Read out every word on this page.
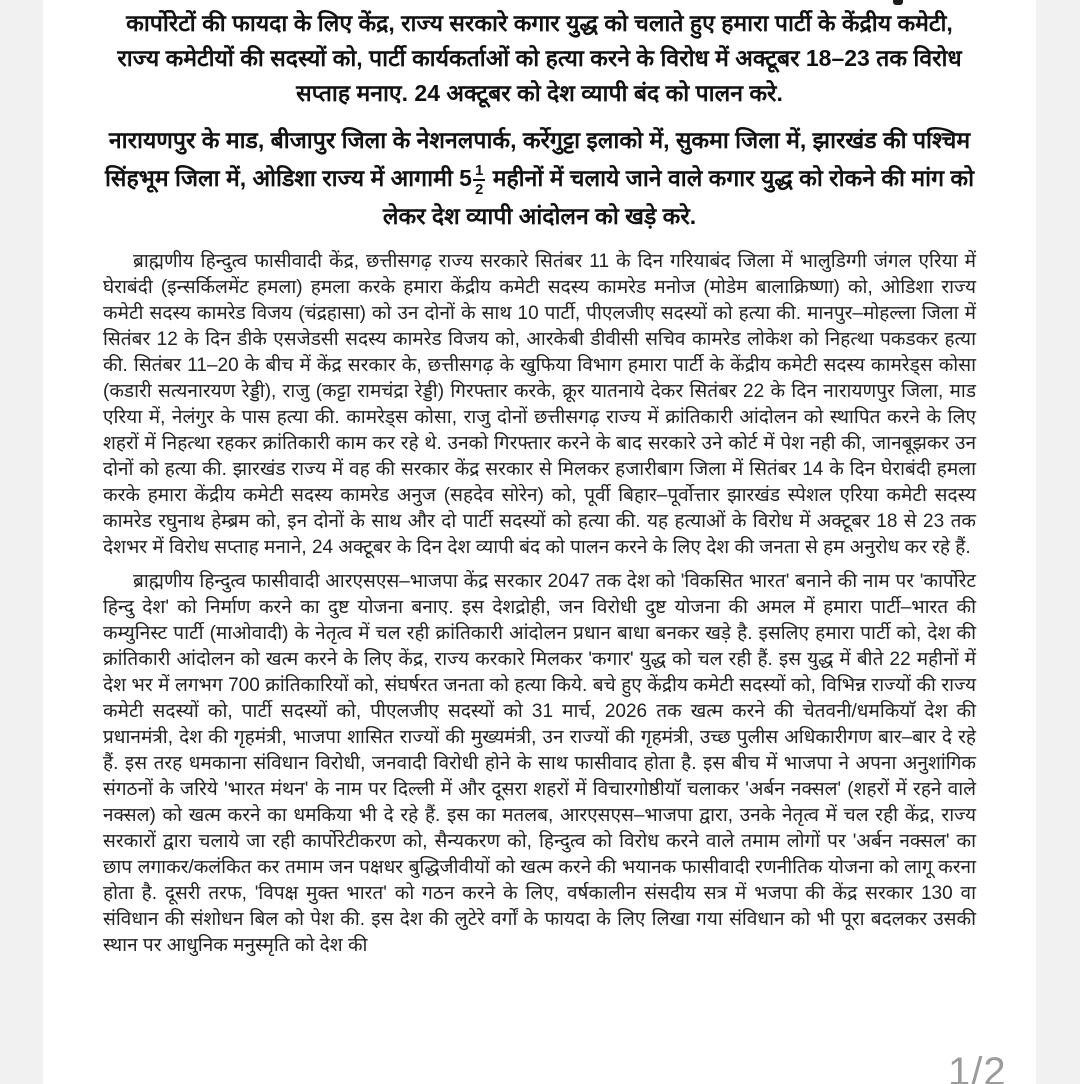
कार्पोरेटों की फायदा के लिए केंद्र, राज्य सरकारे कगार युद्ध को चलाते हुए हमारा पार्टी के केंद्रीय कमेटी, राज्य कमेटीयों की सदस्यों को, पार्टी कार्यकर्ताओं को हत्या करने के विरोध में अक्टूबर 18–23 तक विरोध सप्ताह मनाए. 24 अक्टूबर को देश व्यापी बंद को पालन करे.
नारायणपुर के माड, बीजापुर जिला के नेशनलपार्क, कर्रेगुट्टा इलाको में, सुकमा जिला में, झारखंड की पश्चिम सिंहभूम जिला में, ओडिशा राज्य में आगामी $5 \frac{1}{2}$ महीनों में चलाये जाने वाले कगार युद्ध को रोकने की मांग को लेकर देश व्यापी आंदोलन को खड़े करे.

ब्राह्मणीय हिन्दुत्व फासीवादी केंद्र, छत्तीसगढ़ राज्य सरकारे सितंबर 11 के दिन गरियाबंद जिला में भालुडिग्गी जंगल एरिया में घेराबंदी (इन्सर्किलमेंट हमला) हमला करके हमारा केंद्रीय कमेटी सदस्य कामरेड मनोज (मोडेम बालाक्रिष्णा) को, ओडिशा राज्य कमेटी सदस्य कामरेड विजय (चंद्रहासा) को उन दोनों के साथ 10 पार्टी, पीएलजीए सदस्यों को हत्या की. मानपुर–मोहल्ला जिला में सितंबर 12 के दिन डीके एसजेडसी सदस्य कामरेड विजय को, आरकेबी डीवीसी सचिव कामरेड लोकेश को निहत्था पकडकर हत्या की. सितंबर 11–20 के बीच में केंद्र सरकार के, छत्तीसगढ़ के खुफिया विभाग हमारा पार्टी के केंद्रीय कमेटी सदस्य कामरेड्स कोसा (कडारी सत्यनारयण रेड्डी), राजु (कट्टा रामचंद्रा रेड्डी) गिरफ्तार करके, क्रूर यातनाये देकर सितंबर 22 के दिन नारायणपुर जिला, माड एरिया में, नेलंगुर के पास हत्या की. कामरेड्स कोसा, राजु दोनों छत्तीसगढ़ राज्य में क्रांतिकारी आंदोलन को स्थापित करने के लिए शहरों में निहत्था रहकर क्रांतिकारी काम कर रहे थे. उनको गिरफ्तार करने के बाद सरकारे उने कोर्ट में पेश नही की, जानबूझकर उन दोनों को हत्या की. झारखंड राज्य में वह की सरकार केंद्र सरकार से मिलकर हजारीबाग जिला में सितंबर 14 के दिन घेराबंदी हमला करके हमारा केंद्रीय कमेटी सदस्य कामरेड अनुज (सहदेव सोरेन) को, पूर्वी बिहार–पूर्वोत्तार झारखंड स्पेशल एरिया कमेटी सदस्य कामरेड रघुनाथ हेम्ब्रम को, इन दोनों के साथ और दो पार्टी सदस्यों को हत्या की. यह हत्याओं के विरोध में अक्टूबर 18 से 23 तक देशभर में विरोध सप्ताह मनाने, 24 अक्टूबर के दिन देश व्यापी बंद को पालन करने के लिए देश की जनता से हम अनुरोध कर रहे हैं.

ब्राह्मणीय हिन्दुत्व फासीवादी आरएसएस–भाजपा केंद्र सरकार 2047 तक देश को 'विकसित भारत' बनाने की नाम पर 'कार्पोरेट हिन्दु देश' को निर्माण करने का दुष्ट योजना बनाए. इस देशद्रोही, जन विरोधी दुष्ट योजना की अमल में हमारा पार्टी–भारत की कम्युनिस्ट पार्टी (माओवादी) के नेतृत्व में चल रही क्रांतिकारी आंदोलन प्रधान बाधा बनकर खड़े है. इसलिए हमारा पार्टी को, देश की क्रांतिकारी आंदोलन को खत्म करने के लिए केंद्र, राज्य करकारे मिलकर 'कगार' युद्ध को चल रही हैं. इस युद्ध में बीते 22 महीनों में देश भर में लगभग 700 क्रांतिकारियों को, संघर्षरत जनता को हत्या किये. बचे हुए केंद्रीय कमेटी सदस्यों को, विभिन्न राज्यों की राज्य कमेटी सदस्यों को, पार्टी सदस्यों को, पीएलजीए सदस्यों को 31 मार्च, 2026 तक खत्म करने की चेतवनी/धमकियाॅ देश की प्रधानमंत्री, देश की गृहमंत्री, भाजपा शासित राज्यों की मुख्यमंत्री, उन राज्यों की गृहमंत्री, उच्छ पुलीस अधिकारीगण बार–बार दे रहे हैं. इस तरह धमकाना संविधान विरोधी, जनवादी विरोधी होने के साथ फासीवाद होता है. इस बीच में भाजपा ने अपना अनुशांगिक संगठनों के जरिये 'भारत मंथन' के नाम पर दिल्ली में और दूसरा शहरों में विचारगोष्ठीयाॅ चलाकर 'अर्बन नक्सल' (शहरों में रहने वाले नक्सल) को खत्म करने का धमकिया भी दे रहे हैं. इस का मतलब, आरएसएस–भाजपा द्वारा, उनके नेतृत्व में चल रही केंद्र, राज्य सरकारों द्वारा चलाये जा रही कार्पोरेटीकरण को, सैन्यकरण को, हिन्दुत्व को विरोध करने वाले तमाम लोगों पर 'अर्बन नक्सल' का छाप लगाकर/कलंकित कर तमाम जन पक्षधर बुद्धिजीवीयों को खत्म करने की भयानक फासीवादी रणनीतिक योजना को लागू करना होता है. दूसरी तरफ, 'विपक्ष मुक्त भारत' को गठन करने के लिए, वर्षकालीन संसदीय सत्र में भजपा की केंद्र सरकार 130 वा संविधान की संशोधन बिल को पेश की. इस देश की लुटेरे वर्गों के फायदा के लिए लिखा गया संविधान को भी पूरा बदलकर उसकी स्थान पर आधुनिक मनुस्मृति को देश की

1/2
